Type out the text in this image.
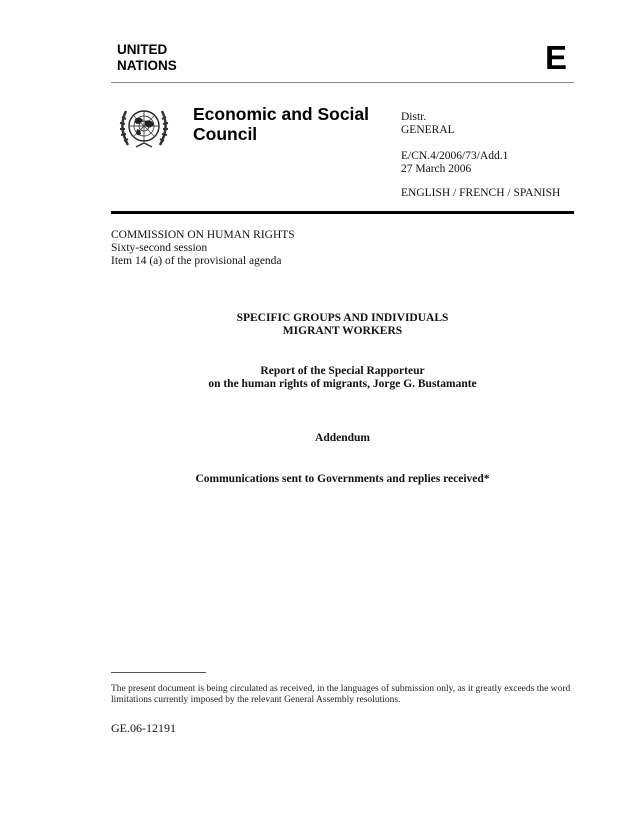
UNITED
NATIONS	E
Economic and Social
Council
Distr.
GENERAL
E/CN.4/2006/73/Add.1
27 March 2006
ENGLISH / FRENCH / SPANISH
COMMISSION ON HUMAN RIGHTS
Sixty-second session
Item 14 (a) of the provisional agenda
SPECIFIC GROUPS AND INDIVIDUALS
MIGRANT WORKERS
Report of the Special Rapporteur
on the human rights of migrants, Jorge G. Bustamante
Addendum
Communications sent to Governments and replies received*
The present document is being circulated as received, in the languages of submission only, as it greatly exceeds the word limitations currently imposed by the relevant General Assembly resolutions.
GE.06-12191
